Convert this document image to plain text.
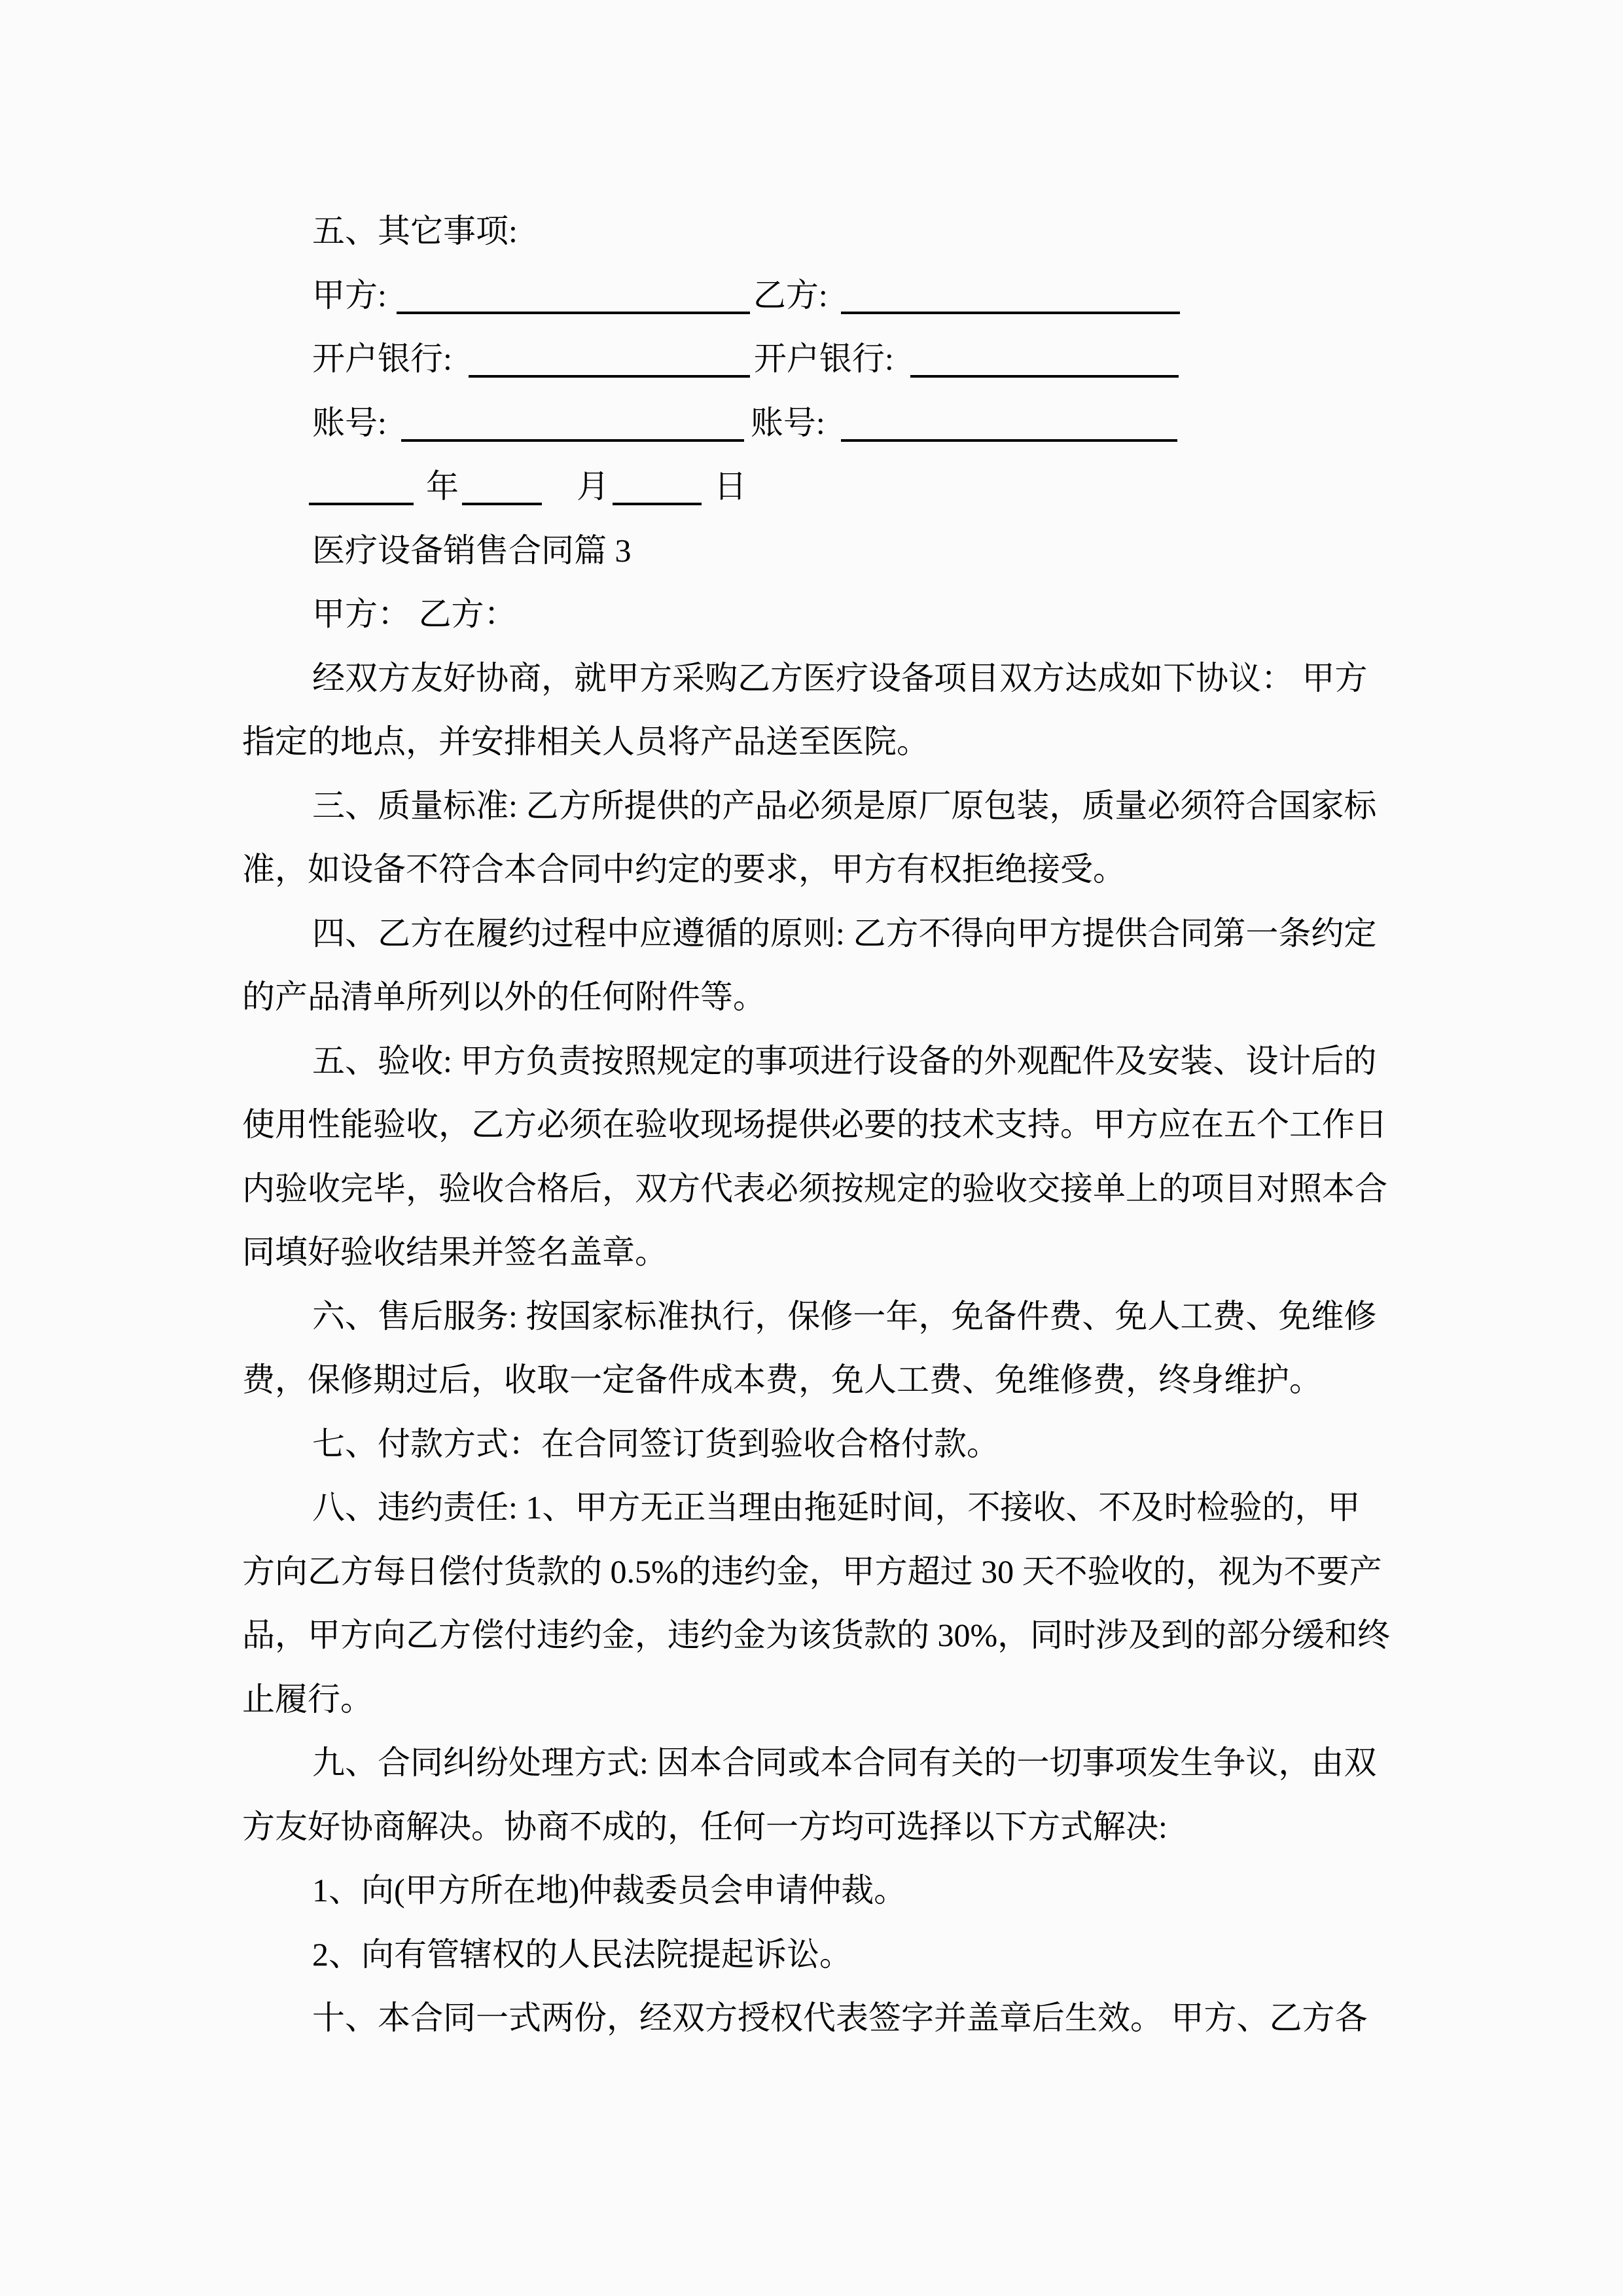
五、其它事项:
甲方:	乙方:
开户银行:	开户银行:
账号:	账号:
年	月	日
医疗设备销售合同篇 3
甲方： 乙方：
经双方友好协商，就甲方采购乙方医疗设备项目双方达成如下协议： 甲方
指定的地点，并安排相关人员将产品送至医院。
三、质量标准: 乙方所提供的产品必须是原厂原包装，质量必须符合国家标
准，如设备不符合本合同中约定的要求，甲方有权拒绝接受。
四、乙方在履约过程中应遵循的原则: 乙方不得向甲方提供合同第一条约定
的产品清单所列以外的任何附件等。
五、验收: 甲方负责按照规定的事项进行设备的外观配件及安装、设计后的
使用性能验收，乙方必须在验收现场提供必要的技术支持。甲方应在五个工作日
内验收完毕，验收合格后，双方代表必须按规定的验收交接单上的项目对照本合
同填好验收结果并签名盖章。
六、售后服务: 按国家标准执行，保修一年，免备件费、免人工费、免维修
费，保修期过后，收取一定备件成本费，免人工费、免维修费，终身维护。
七、付款方式：在合同签订货到验收合格付款。
八、违约责任: 1、甲方无正当理由拖延时间，不接收、不及时检验的，甲
方向乙方每日偿付货款的 0.5%的违约金，甲方超过 30 天不验收的，视为不要产
品，甲方向乙方偿付违约金，违约金为该货款的 30%，同时涉及到的部分缓和终
止履行。
九、合同纠纷处理方式: 因本合同或本合同有关的一切事项发生争议，由双
方友好协商解决。协商不成的，任何一方均可选择以下方式解决:
1、向(甲方所在地)仲裁委员会申请仲裁。
2、向有管辖权的人民法院提起诉讼。
十、本合同一式两份，经双方授权代表签字并盖章后生效。 甲方、乙方各
